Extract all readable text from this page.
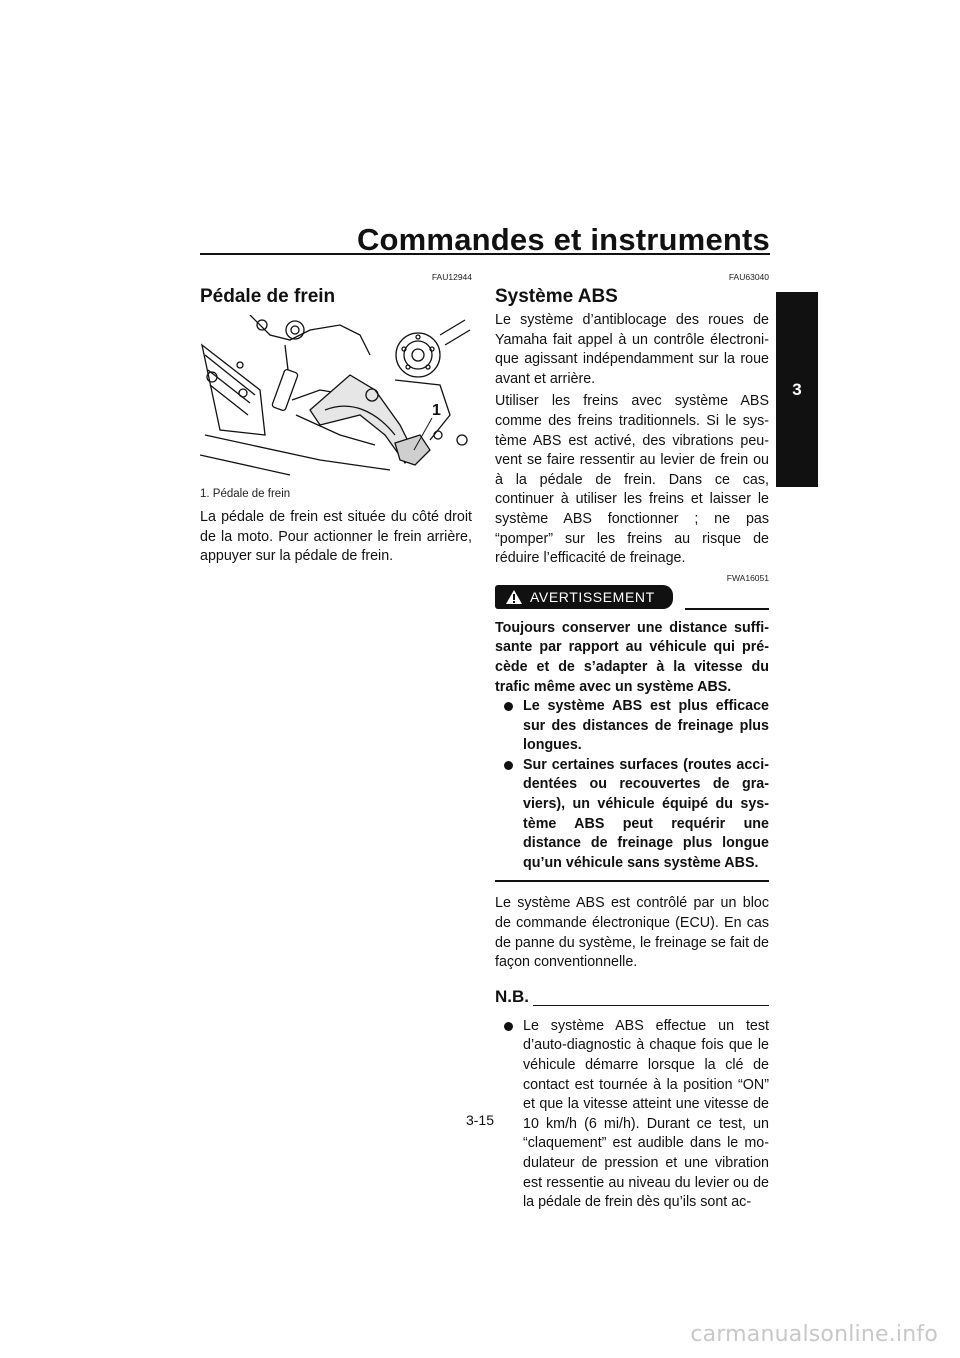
Commandes et instruments
3
FAU12944
Pédale de frein
1
1. Pédale de frein

La pédale de frein est située du côté droit de la moto. Pour actionner le frein arrière, appuyer sur la pédale de frein.

FAU63040
Système ABS

Le système d’antiblocage des roues de Yamaha fait appel à un contrôle électronique agissant indépendamment sur la roue avant et arrière.

Utiliser les freins avec système ABS comme des freins traditionnels. Si le système ABS est activé, des vibrations peuvent se faire ressentir au levier de frein ou à la pédale de frein. Dans ce cas, continuer à utiliser les freins et laisser le système ABS fonctionner ; ne pas “pomper” sur les freins au risque de réduire l’efficacité de freinage.

FWA16051
AVERTISSEMENT
Toujours conserver une distance suffisante par rapport au véhicule qui précède et de s’adapter à la vitesse du trafic même avec un système ABS.
Le système ABS est plus efficace sur des distances de freinage plus longues.
Sur certaines surfaces (routes accidentées ou recouvertes de graviers), un véhicule équipé du système ABS peut requérir une distance de freinage plus longue qu’un véhicule sans système ABS.

Le système ABS est contrôlé par un bloc de commande électronique (ECU). En cas de panne du système, le freinage se fait de façon conventionnelle.

N.B.
Le système ABS effectue un test d’auto-diagnostic à chaque fois que le véhicule démarre lorsque la clé de contact est tournée à la position “ON” et que la vitesse atteint une vitesse de 10 km/h (6 mi/h). Durant ce test, un “claquement” est audible dans le modulateur de pression et une vibration est ressentie au niveau du levier ou de la pédale de frein dès qu’ils sont ac-
3-15
carmanualsonline.info
